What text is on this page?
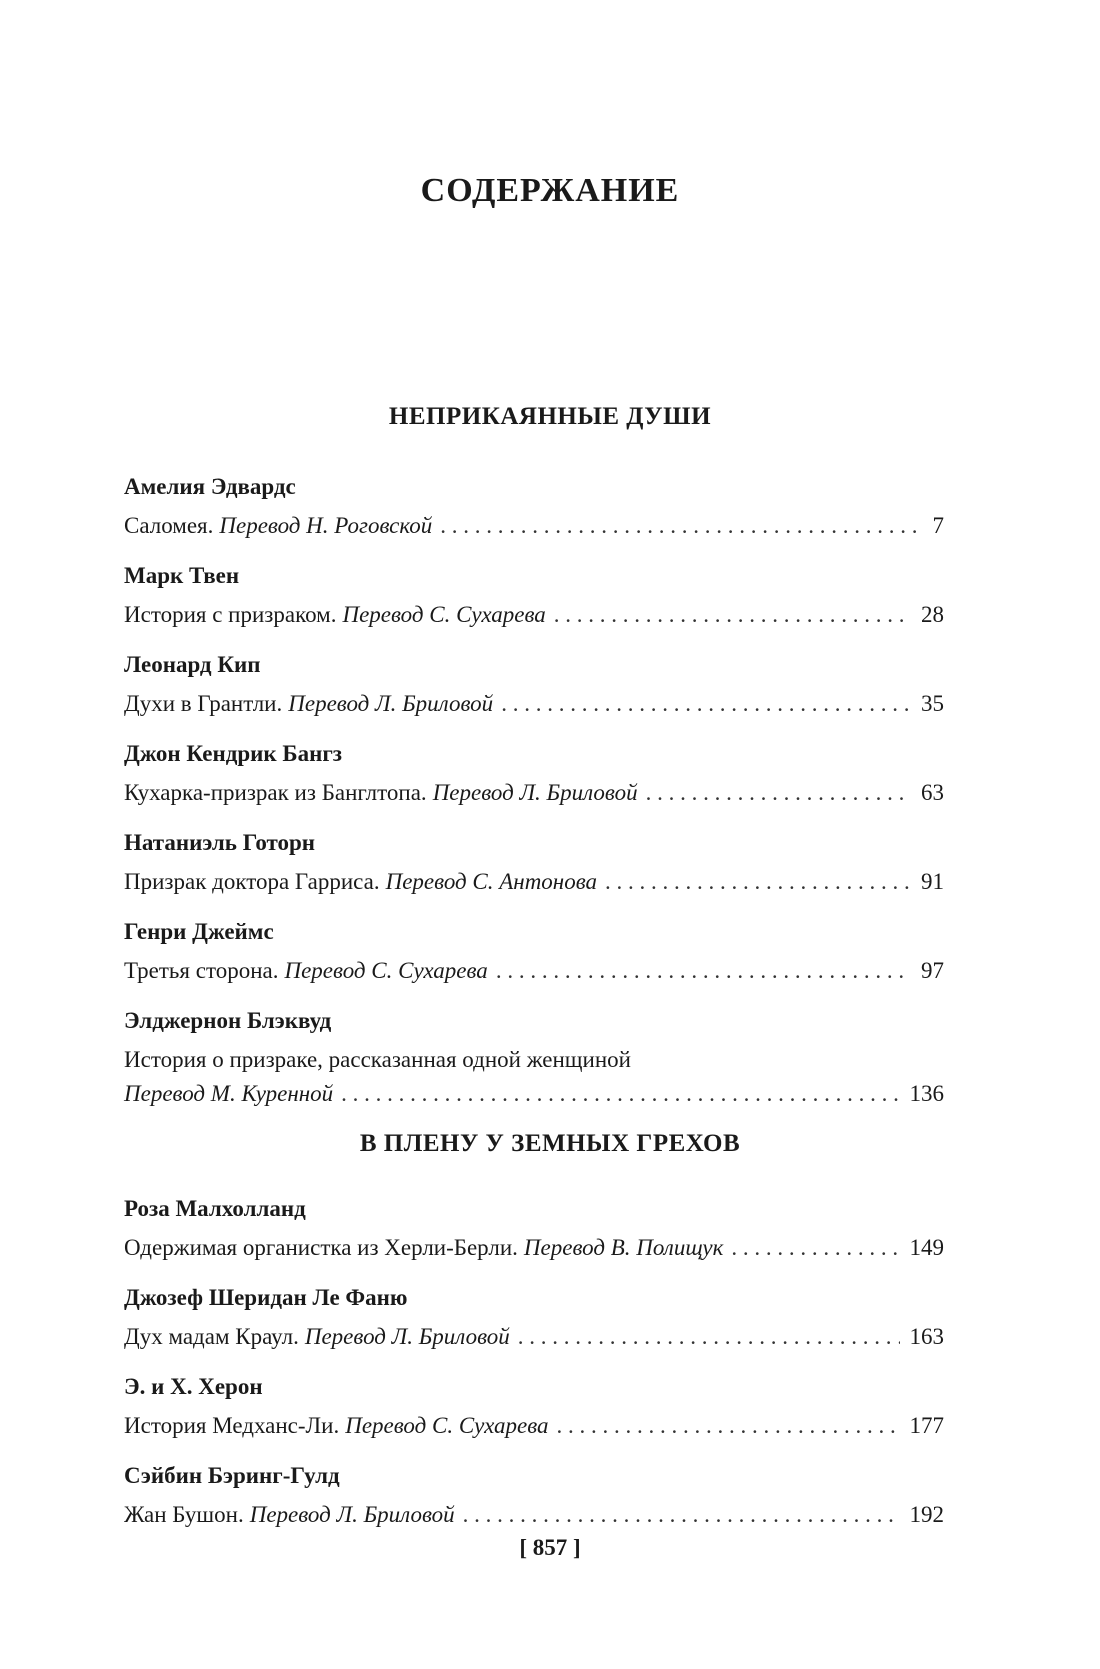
СОДЕРЖАНИЕ
НЕПРИКАЯННЫЕ ДУШИ
Амелия Эдвардс
Саломея. Перевод Н. Роговской . . .	7
Марк Твен
История с призраком. Перевод С. Сухарева . . .	28
Леонард Кип
Духи в Грантли. Перевод Л. Бриловой . . .	35
Джон Кендрик Бангз
Кухарка-призрак из Банглтопа. Перевод Л. Бриловой . . .	63
Натаниэль Готорн
Призрак доктора Гарриса. Перевод С. Антонова . . .	91
Генри Джеймс
Третья сторона. Перевод С. Сухарева . . .	97
Элджернон Блэквуд
История о призраке, рассказанная одной женщиной
Перевод М. Куренной . . .	136
В ПЛЕНУ У ЗЕМНЫХ ГРЕХОВ
Роза Малхолланд
Одержимая органистка из Херли-Берли. Перевод В. Полищук . . .	149
Джозеф Шеридан Ле Фаню
Дух мадам Краул. Перевод Л. Бриловой . . .	163
Э. и Х. Херон
История Медханс-Ли. Перевод С. Сухарева . . .	177
Сэйбин Бэринг-Гулд
Жан Бушон. Перевод Л. Бриловой . . .	192
[ 857 ]
